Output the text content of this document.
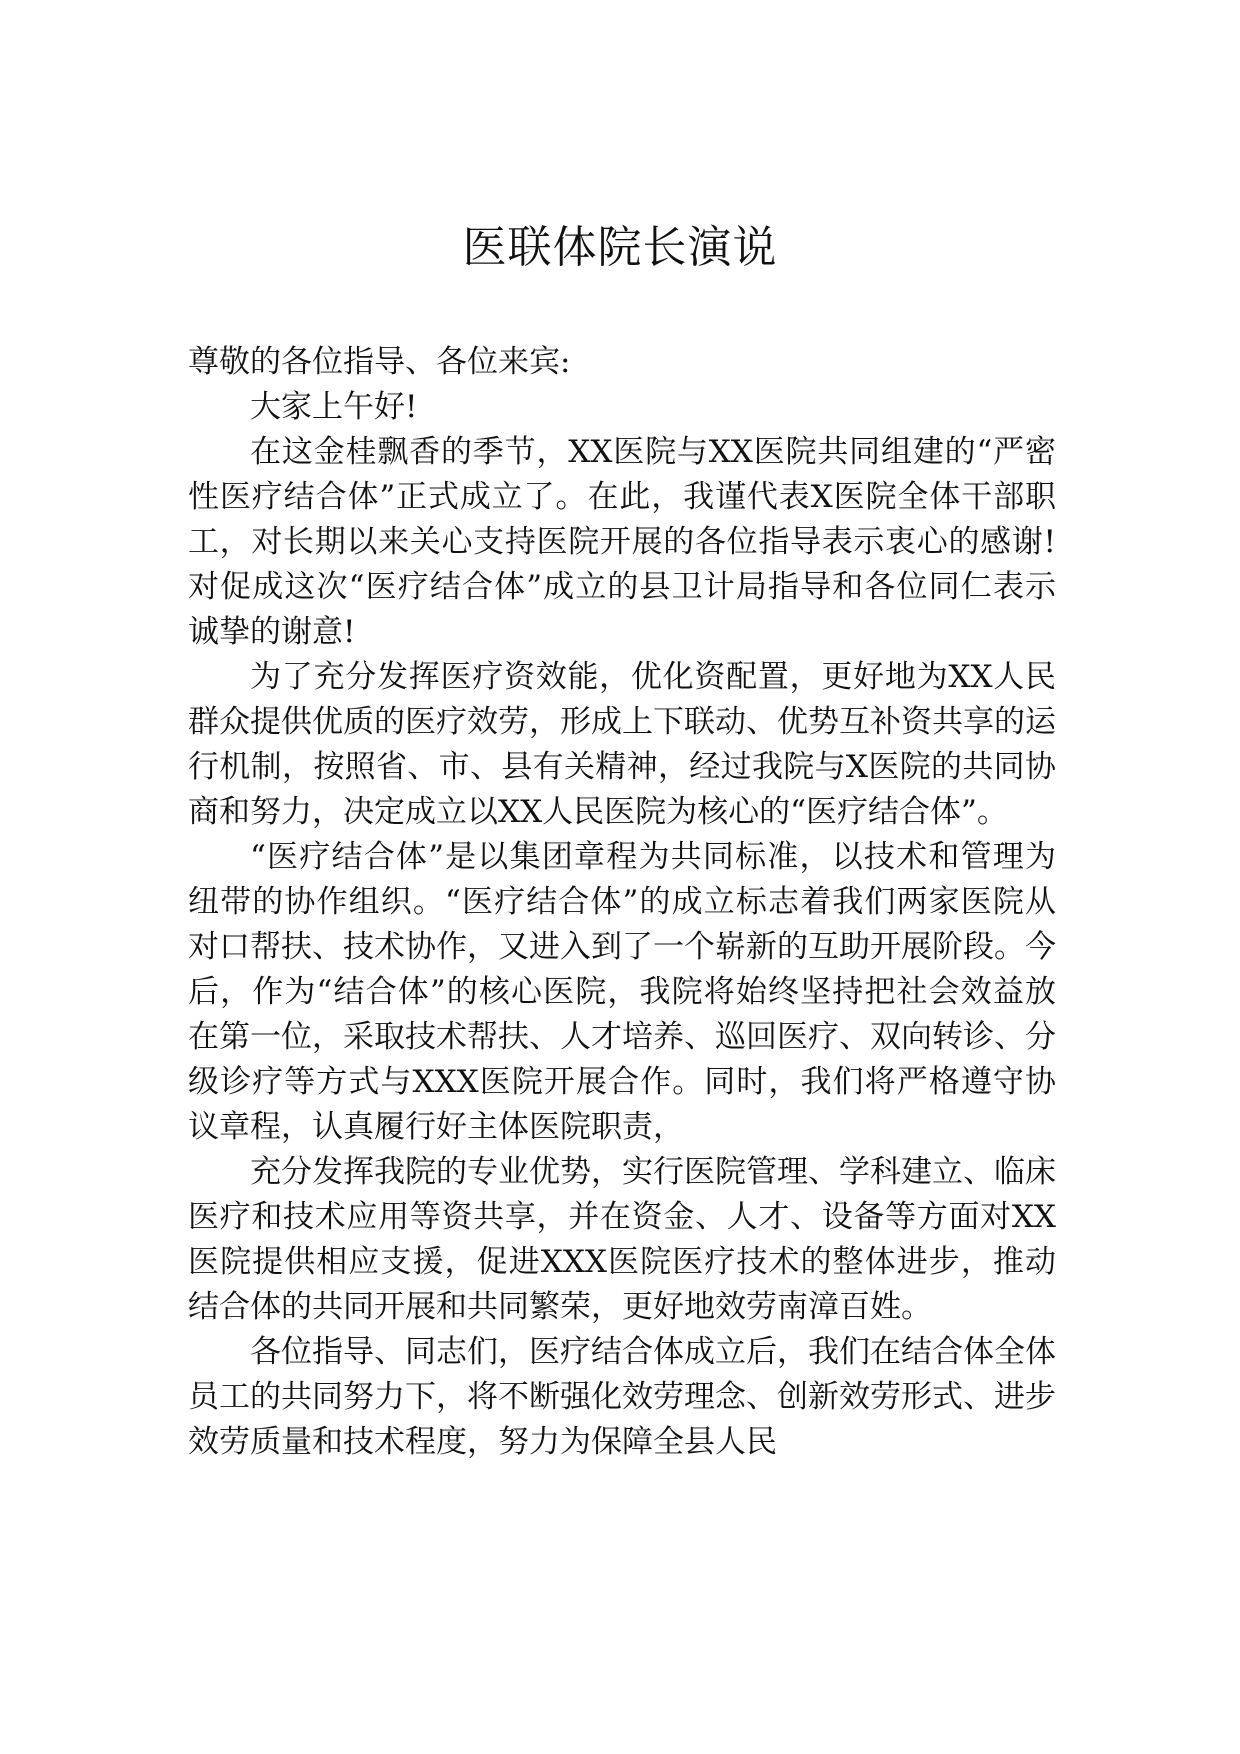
医联体院长演说

尊敬的各位指导、各位来宾:

大家上午好!

在这金桂飘香的季节，XX医院与XX医院共同组建的“严密性医疗结合体”正式成立了。在此，我谨代表X医院全体干部职工，对长期以来关心支持医院开展的各位指导表示衷心的感谢!对促成这次“医疗结合体”成立的县卫计局指导和各位同仁表示诚挚的谢意!

为了充分发挥医疗资效能，优化资配置，更好地为XX人民群众提供优质的医疗效劳，形成上下联动、优势互补资共享的运行机制，按照省、市、县有关精神，经过我院与X医院的共同协商和努力，决定成立以XX人民医院为核心的“医疗结合体”。

“医疗结合体”是以集团章程为共同标准，以技术和管理为纽带的协作组织。“医疗结合体”的成立标志着我们两家医院从对口帮扶、技术协作，又进入到了一个崭新的互助开展阶段。今后，作为“结合体”的核心医院，我院将始终坚持把社会效益放在第一位，采取技术帮扶、人才培养、巡回医疗、双向转诊、分级诊疗等方式与XXX医院开展合作。同时，我们将严格遵守协议章程，认真履行好主体医院职责，

充分发挥我院的专业优势，实行医院管理、学科建立、临床医疗和技术应用等资共享，并在资金、人才、设备等方面对XX医院提供相应支援，促进XXX医院医疗技术的整体进步，推动结合体的共同开展和共同繁荣，更好地效劳南漳百姓。

各位指导、同志们，医疗结合体成立后，我们在结合体全体员工的共同努力下，将不断强化效劳理念、创新效劳形式、进步效劳质量和技术程度，努力为保障全县人民
